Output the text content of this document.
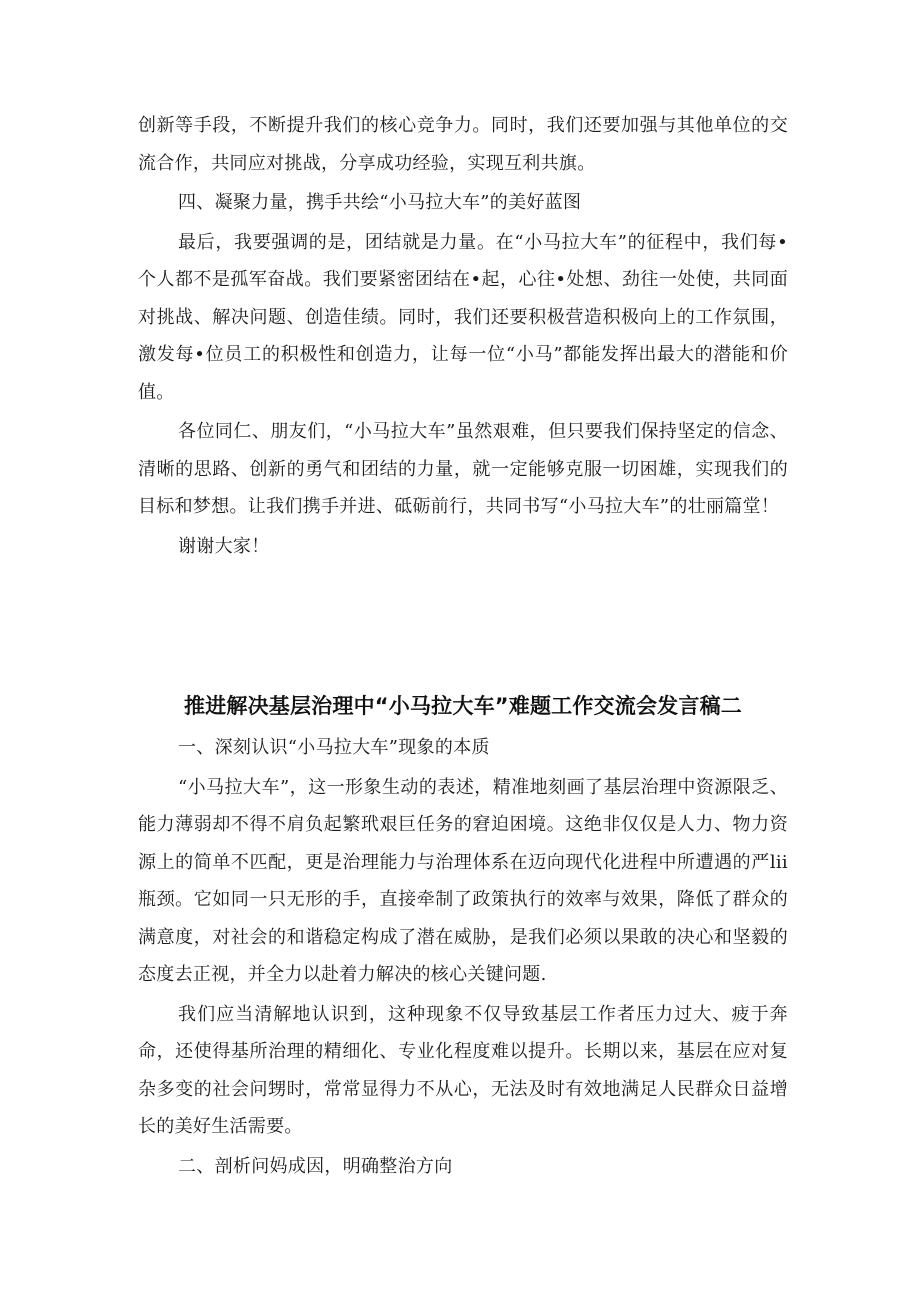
创新等手段，不断提升我们的核心竞争力。同时，我们还要加强与其他单位的交流合作，共同应对挑战，分享成功经验，实现互利共旗。

四、凝聚力量，携手共绘“小马拉大车”的美好蓝图

最后，我要强调的是，团结就是力量。在“小马拉大车”的征程中，我们每•个人都不是孤军奋战。我们要紧密团结在•起，心往•处想、劲往一处使，共同面对挑战、解决问题、创造佳绩。同时，我们还要积极营造积极向上的工作氛围，激发每•位员工的积极性和创造力，让每一位“小马”都能发挥出最大的潜能和价值。

各位同仁、朋友们，“小马拉大车”虽然艰难，但只要我们保持坚定的信念、清晰的思路、创新的勇气和团结的力量，就一定能够克服一切困雄，实现我们的目标和梦想。让我们携手并进、砥砺前行，共同书写“小马拉大车”的壮丽篇堂！

谢谢大家！

推进解决基层治理中“小马拉大车”难题工作交流会发言稿二

一、深刻认识“小马拉大车”现象的本质

“小马拉大车”，这一形象生动的表述，精准地刻画了基层治理中资源限乏、能力薄弱却不得不肩负起繁玳艰巨任务的窘迫困境。这绝非仅仅是人力、物力资源上的简单不匹配，更是治理能力与治理体系在迈向现代化进程中所遭遇的严lii瓶颈。它如同一只无形的手，直接牵制了政策执行的效率与效果，降低了群众的满意度，对社会的和谐稳定构成了潜在威胁，是我们必须以果敢的决心和坚毅的态度去正视，并全力以赴着力解决的核心关键问题.

我们应当清解地认识到，这种现象不仅导致基层工作者压力过大、疲于奔命，还使得基所治理的精细化、专业化程度难以提升。长期以来，基层在应对复杂多变的社会问甥时，常常显得力不从心，无法及时有效地满足人民群众日益增长的美好生活需要。

二、剖析问妈成因，明确整治方向
